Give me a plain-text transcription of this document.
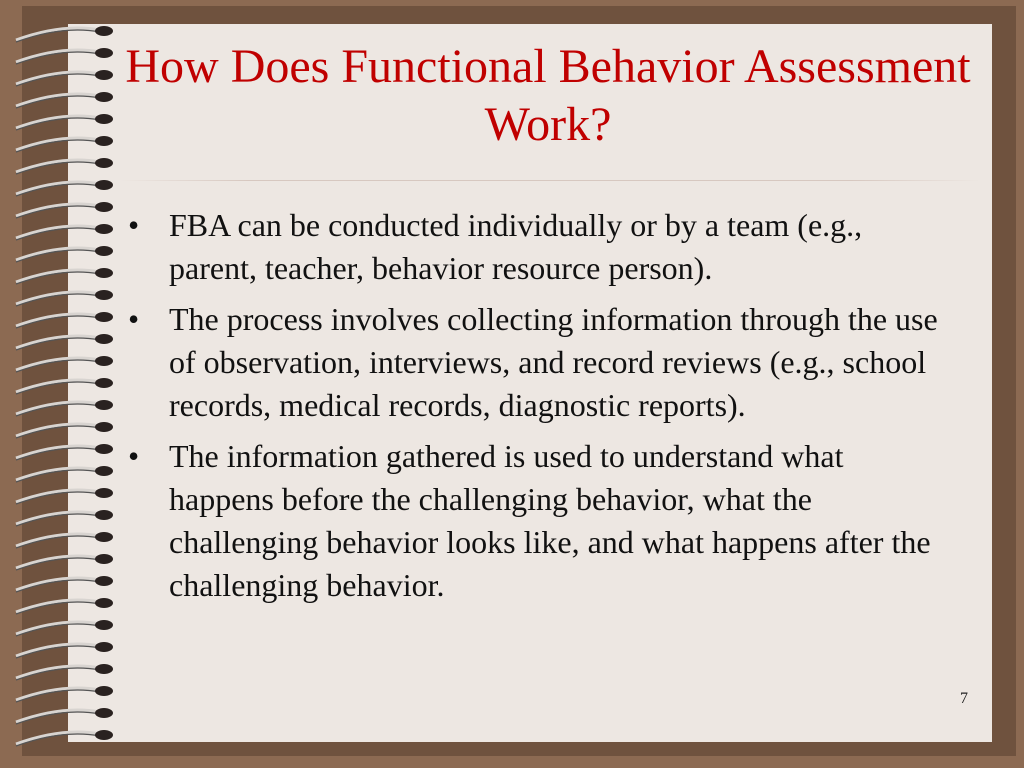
How Does Functional Behavior Assessment Work?
• FBA can be conducted individually or by a team (e.g., parent, teacher, behavior resource person).
• The process involves collecting information through the use of observation, interviews, and record reviews (e.g., school records, medical records, diagnostic reports).
• The information gathered is used to understand what happens before the challenging behavior, what the challenging behavior looks like, and what happens after the challenging behavior.
7
